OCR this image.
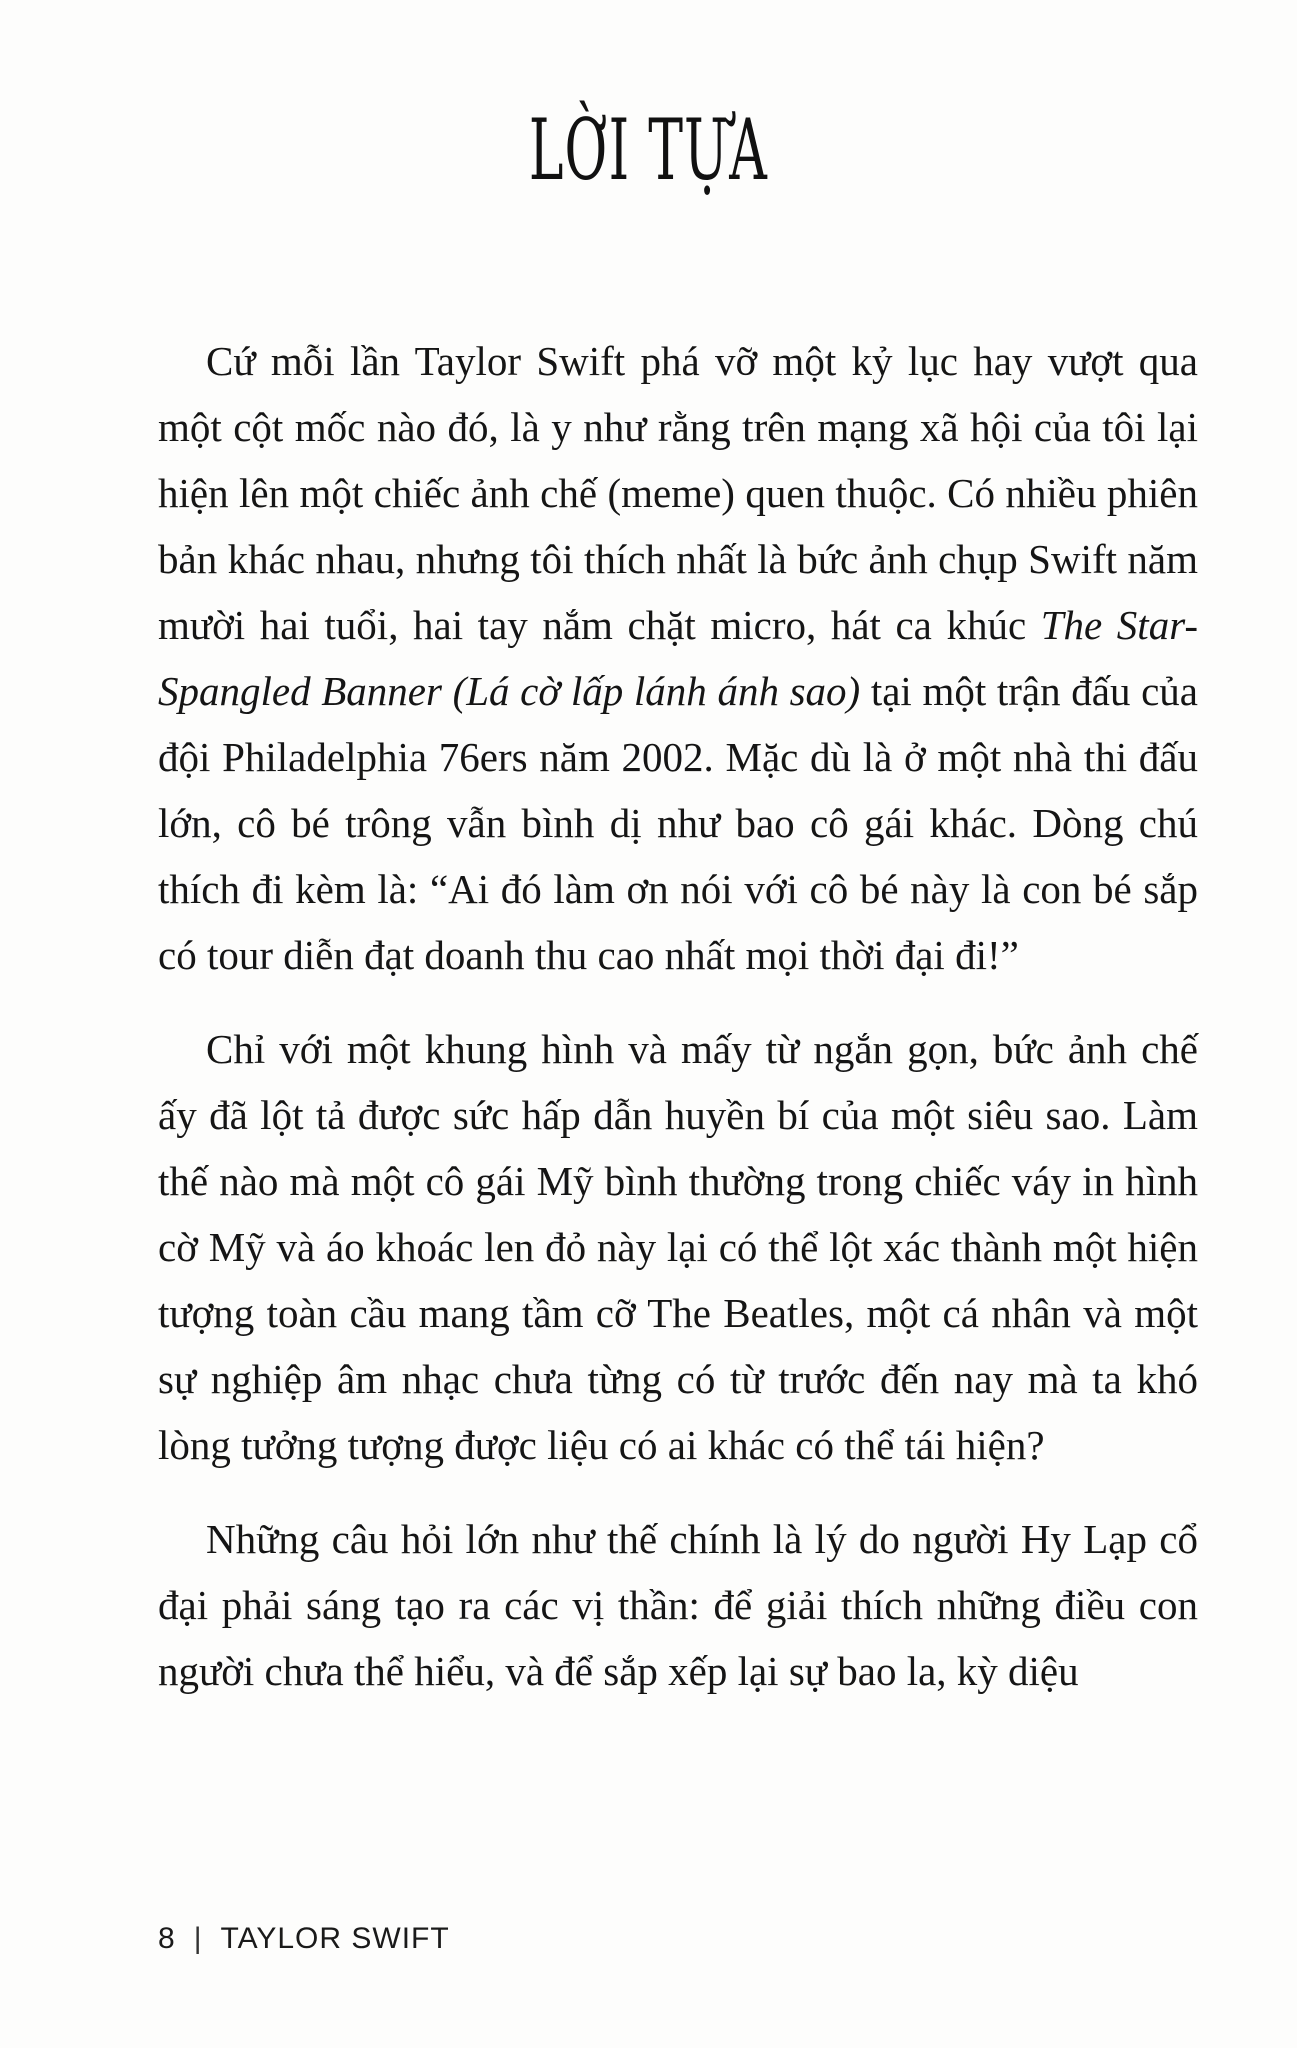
LỜI TỰA

Cứ mỗi lần Taylor Swift phá vỡ một kỷ lục hay vượt qua một cột mốc nào đó, là y như rằng trên mạng xã hội của tôi lại hiện lên một chiếc ảnh chế (meme) quen thuộc. Có nhiều phiên bản khác nhau, nhưng tôi thích nhất là bức ảnh chụp Swift năm mười hai tuổi, hai tay nắm chặt micro, hát ca khúc The Star-Spangled Banner (Lá cờ lấp lánh ánh sao) tại một trận đấu của đội Philadelphia 76ers năm 2002. Mặc dù là ở một nhà thi đấu lớn, cô bé trông vẫn bình dị như bao cô gái khác. Dòng chú thích đi kèm là: “Ai đó làm ơn nói với cô bé này là con bé sắp có tour diễn đạt doanh thu cao nhất mọi thời đại đi!”

Chỉ với một khung hình và mấy từ ngắn gọn, bức ảnh chế ấy đã lột tả được sức hấp dẫn huyền bí của một siêu sao. Làm thế nào mà một cô gái Mỹ bình thường trong chiếc váy in hình cờ Mỹ và áo khoác len đỏ này lại có thể lột xác thành một hiện tượng toàn cầu mang tầm cỡ The Beatles, một cá nhân và một sự nghiệp âm nhạc chưa từng có từ trước đến nay mà ta khó lòng tưởng tượng được liệu có ai khác có thể tái hiện?

Những câu hỏi lớn như thế chính là lý do người Hy Lạp cổ đại phải sáng tạo ra các vị thần: để giải thích những điều con người chưa thể hiểu, và để sắp xếp lại sự bao la, kỳ diệu

8 | TAYLOR SWIFT
